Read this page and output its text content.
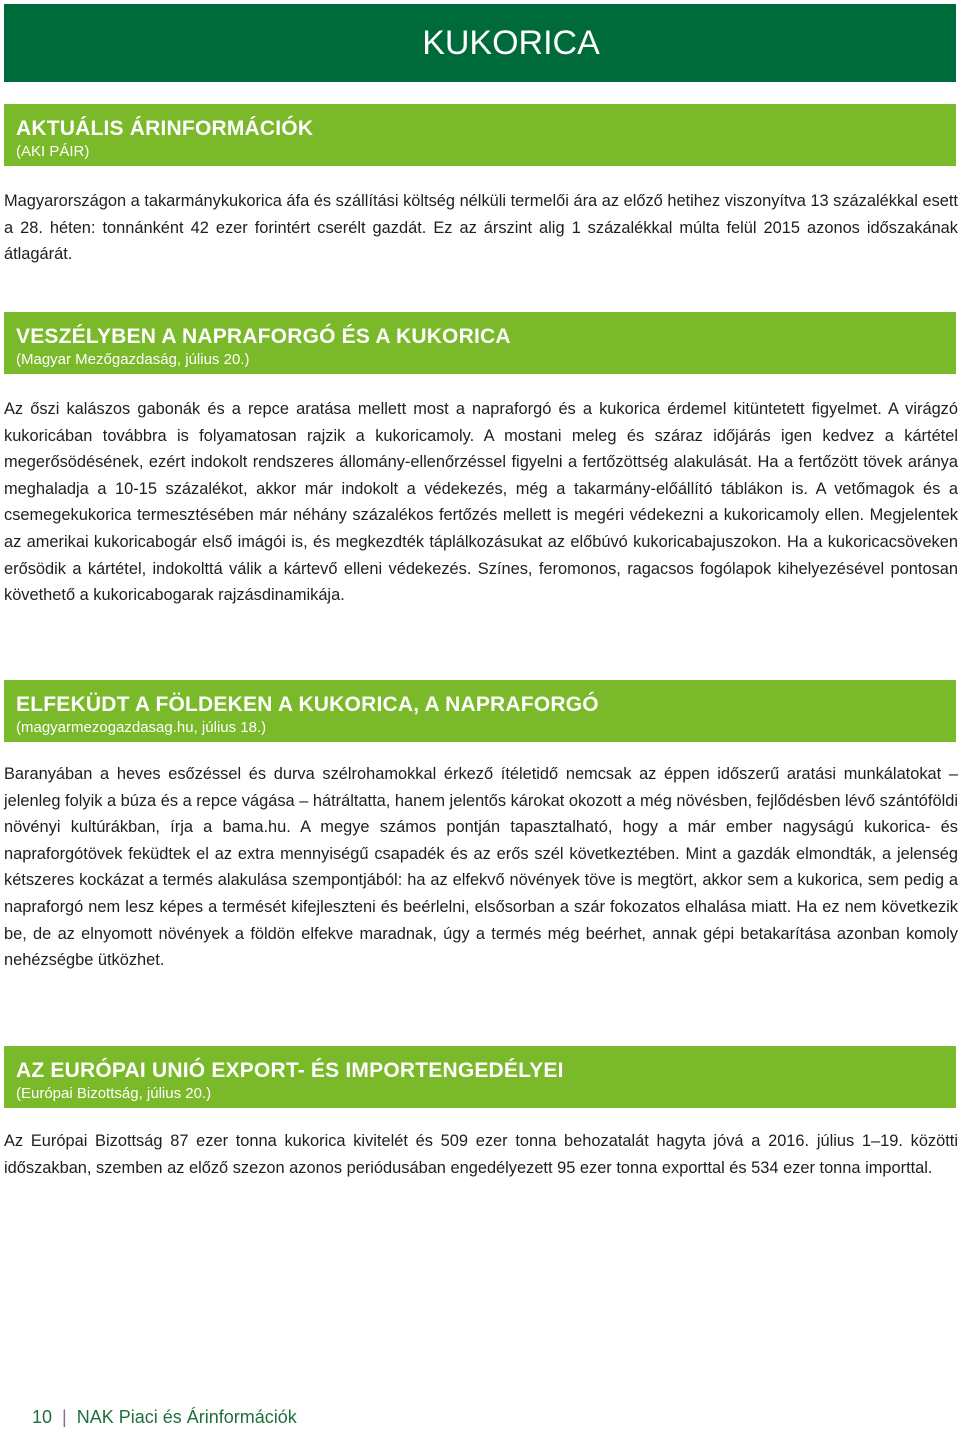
KUKORICA
AKTUÁLIS ÁRINFORMÁCIÓK
(AKI PÁIR)

Magyarországon a takarmánykukorica áfa és szállítási költség nélküli termelői ára az előző hetihez viszonyítva 13 százalékkal esett a 28. héten: tonnánként 42 ezer forintért cserélt gazdát. Ez az árszint alig 1 százalékkal múlta felül 2015 azonos időszakának átlagárát.

VESZÉLYBEN A NAPRAFORGÓ ÉS A KUKORICA
(Magyar Mezőgazdaság, július 20.)

Az őszi kalászos gabonák és a repce aratása mellett most a napraforgó és a kukorica érdemel kitüntetett figyelmet. A virágzó kukoricában továbbra is folyamatosan rajzik a kukoricamoly. A mostani meleg és száraz időjárás igen kedvez a kártétel megerősödésének, ezért indokolt rendszeres állomány-ellenőrzéssel figyelni a fertőzöttség alakulását. Ha a fertőzött tövek aránya meghaladja a 10-15 százalékot, akkor már indokolt a védekezés, még a takarmány-előállító táblákon is. A vetőmagok és a csemegekukorica termesztésében már néhány százalékos fertőzés mellett is megéri védekezni a kukoricamoly ellen. Megjelentek az amerikai kukoricabogár első imágói is, és megkezdték táplálkozásukat az előbúvó kukoricabajuszokon. Ha a kukoricacsöveken erősödik a kártétel, indokolttá válik a kártevő elleni védekezés. Színes, feromonos, ragacsos fogólapok kihelyezésével pontosan követhető a kukoricabogarak rajzásdinamikája.

ELFEKÜDT A FÖLDEKEN A KUKORICA, A NAPRAFORGÓ
(magyarmezogazdasag.hu, július 18.)

Baranyában a heves esőzéssel és durva szélrohamokkal érkező ítéletidő nemcsak az éppen időszerű aratási munkálatokat – jelenleg folyik a búza és a repce vágása – hátráltatta, hanem jelentős károkat okozott a még növésben, fejlődésben lévő szántóföldi növényi kultúrákban, írja a bama.hu. A megye számos pontján tapasztalható, hogy a már ember nagyságú kukorica- és napraforgótövek feküdtek el az extra mennyiségű csapadék és az erős szél következtében. Mint a gazdák elmondták, a jelenség kétszeres kockázat a termés alakulása szempontjából: ha az elfekvő növények töve is megtört, akkor sem a kukorica, sem pedig a napraforgó nem lesz képes a termését kifejleszteni és beérlelni, elsősorban a szár fokozatos elhalása miatt. Ha ez nem következik be, de az elnyomott növények a földön elfekve maradnak, úgy a termés még beérhet, annak gépi betakarítása azonban komoly nehézségbe ütközhet.

AZ EURÓPAI UNIÓ EXPORT- ÉS IMPORTENGEDÉLYEI
(Európai Bizottság, július 20.)

Az Európai Bizottság 87 ezer tonna kukorica kivitelét és 509 ezer tonna behozatalát hagyta jóvá a 2016. július 1–19. közötti időszakban, szemben az előző szezon azonos periódusában engedélyezett 95 ezer tonna exporttal és 534 ezer tonna importtal.

10 | NAK Piaci és Árinformációk
